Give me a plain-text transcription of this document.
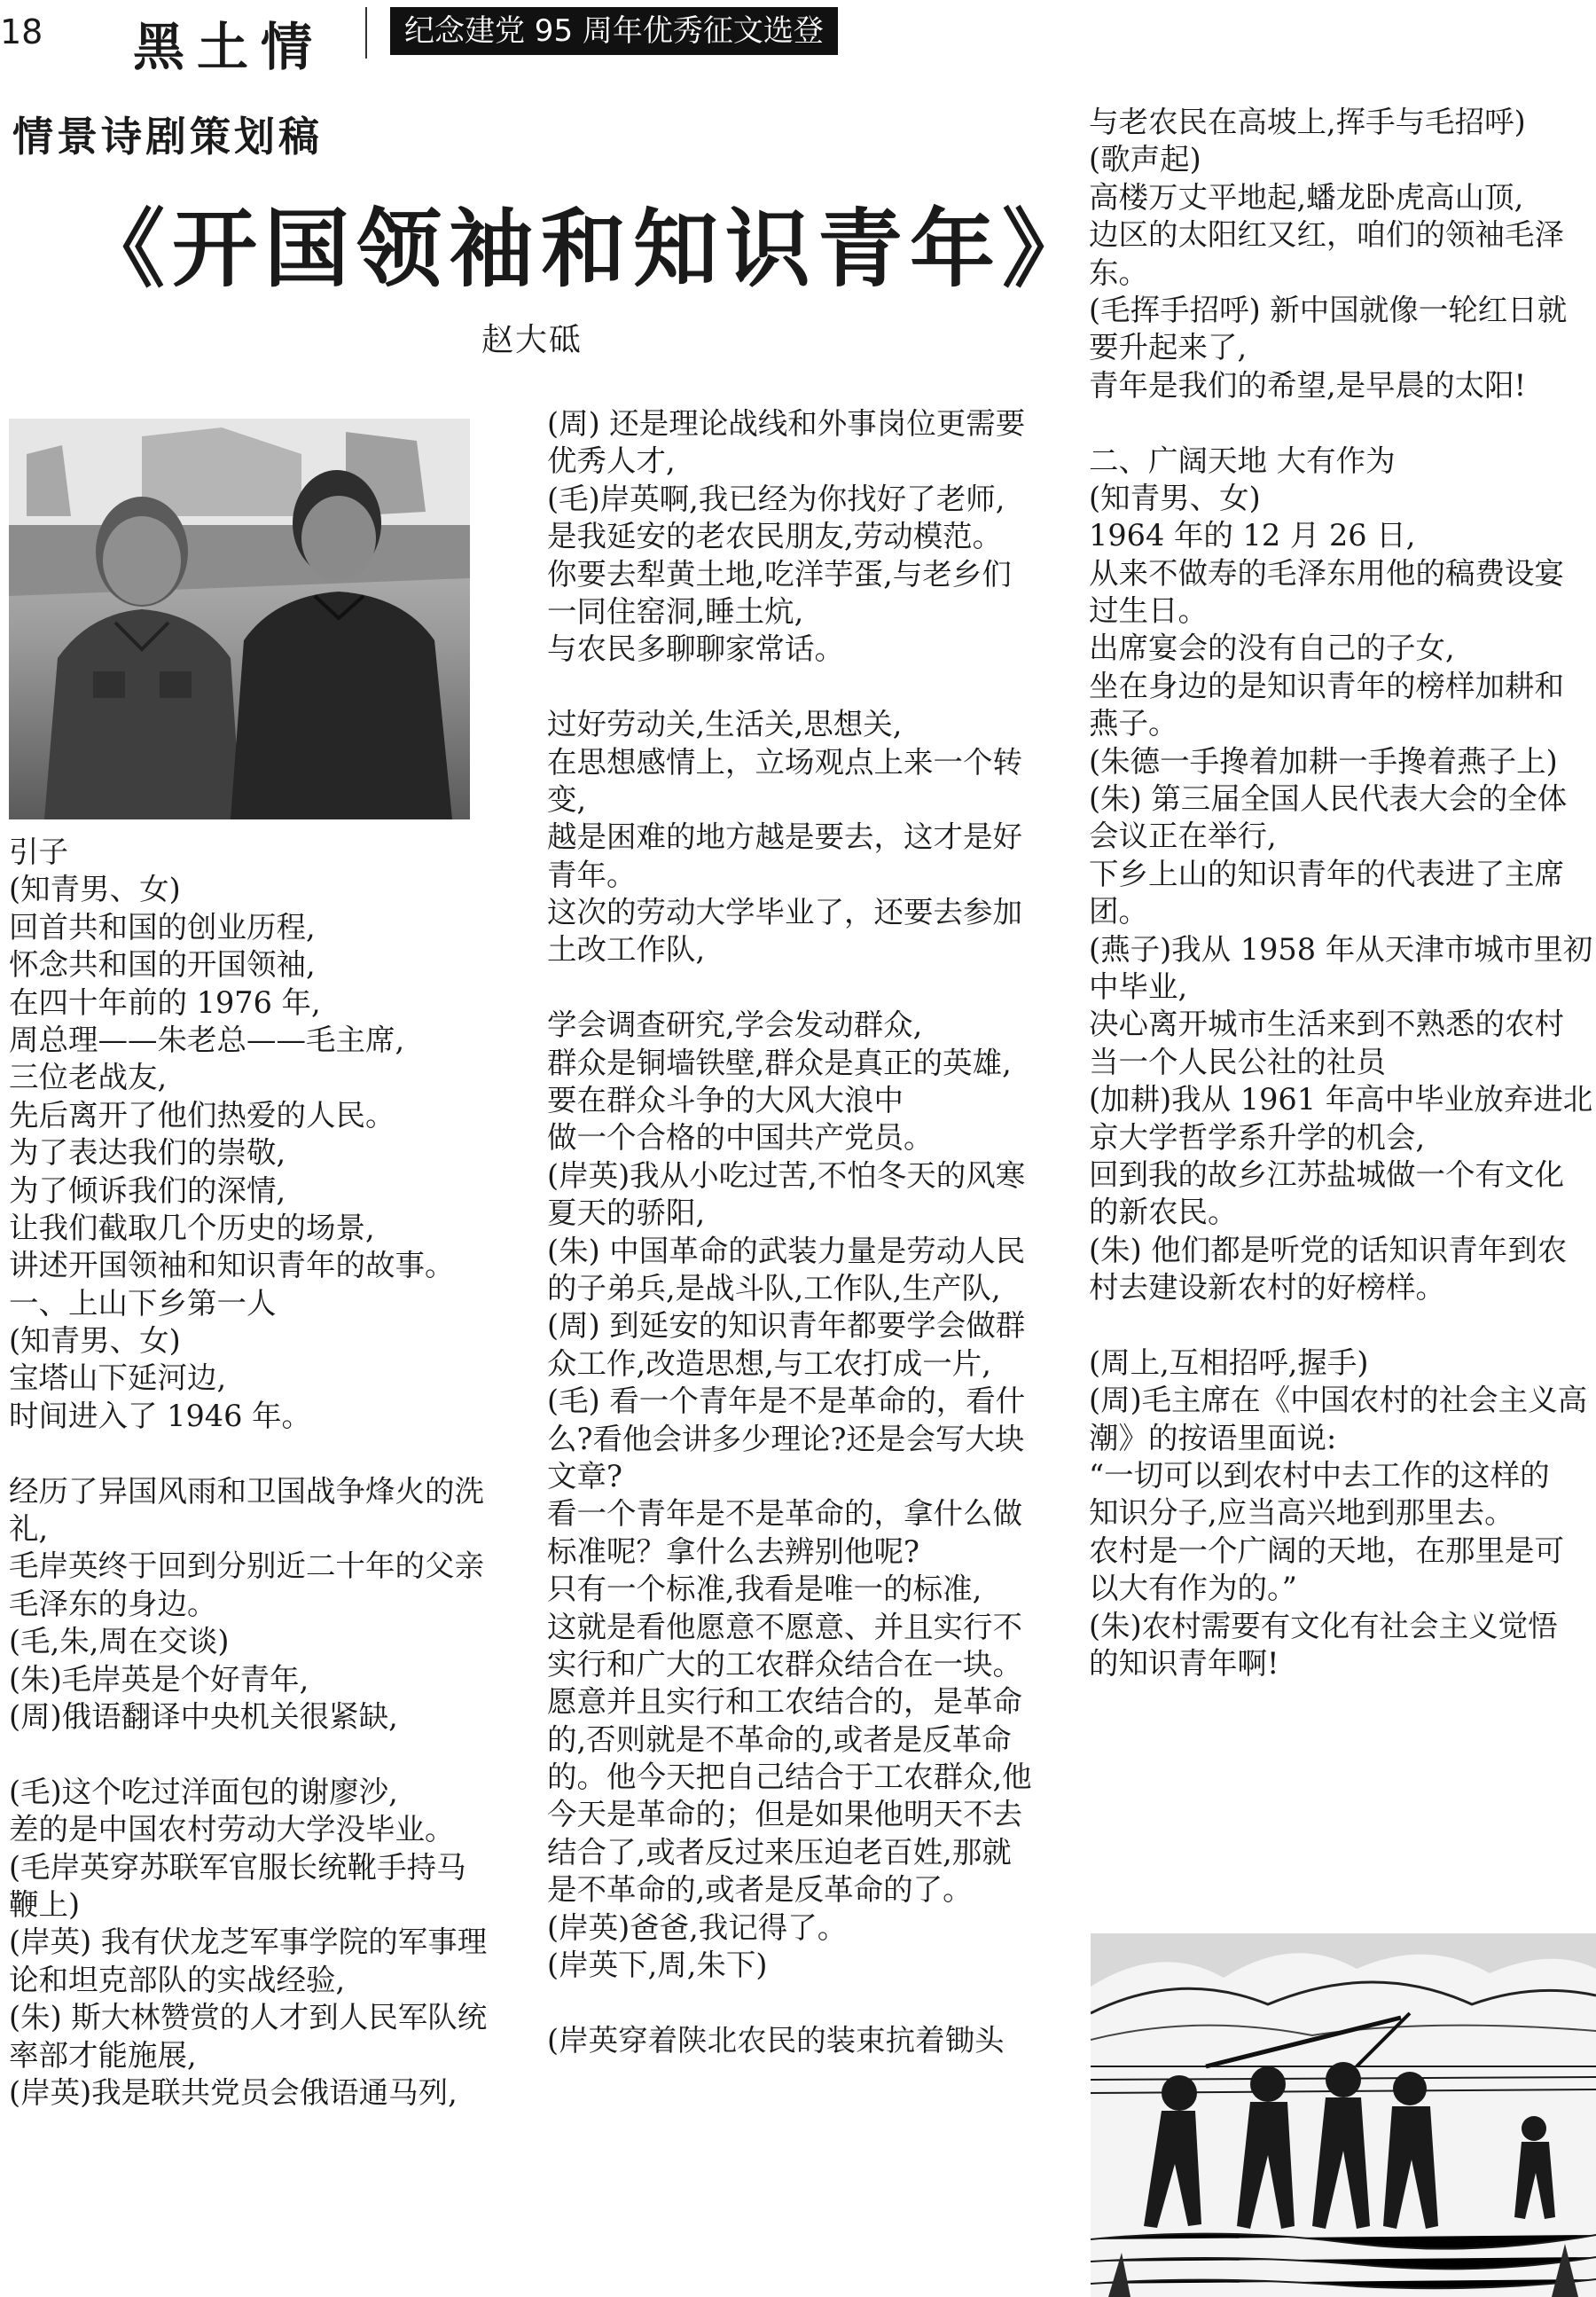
18 黑土情	纪念建党 95 周年优秀征文选登
情景诗剧策划稿
《开国领袖和知识青年》
赵大砥
引子
(知青男、女)
回首共和国的创业历程,
怀念共和国的开国领袖,
在四十年前的 1976 年,
周总理——朱老总——毛主席,
三位老战友,
先后离开了他们热爱的人民。
为了表达我们的崇敬,
为了倾诉我们的深情,
让我们截取几个历史的场景,
讲述开国领袖和知识青年的故事。
一、上山下乡第一人
(知青男、女)
宝塔山下延河边,
时间进入了 1946 年。
经历了异国风雨和卫国战争烽火的洗
礼,
毛岸英终于回到分别近二十年的父亲
毛泽东的身边。
(毛,朱,周在交谈)
(朱)毛岸英是个好青年,
(周)俄语翻译中央机关很紧缺,
(毛)这个吃过洋面包的谢廖沙,
差的是中国农村劳动大学没毕业。
(毛岸英穿苏联军官服长统靴手持马
鞭上)
(岸英) 我有伏龙芝军事学院的军事理
论和坦克部队的实战经验,
(朱) 斯大林赞赏的人才到人民军队统
率部才能施展,
(岸英)我是联共党员会俄语通马列,
(周) 还是理论战线和外事岗位更需要
优秀人才,
(毛)岸英啊,我已经为你找好了老师,
是我延安的老农民朋友,劳动模范。
你要去犁黄土地,吃洋芋蛋,与老乡们
一同住窑洞,睡土炕,
与农民多聊聊家常话。
过好劳动关,生活关,思想关,
在思想感情上，立场观点上来一个转
变,
越是困难的地方越是要去，这才是好
青年。
这次的劳动大学毕业了，还要去参加
土改工作队,
学会调查研究,学会发动群众,
群众是铜墙铁壁,群众是真正的英雄,
要在群众斗争的大风大浪中
做一个合格的中国共产党员。
(岸英)我从小吃过苦,不怕冬天的风寒
夏天的骄阳,
(朱) 中国革命的武装力量是劳动人民
的子弟兵,是战斗队,工作队,生产队,
(周) 到延安的知识青年都要学会做群
众工作,改造思想,与工农打成一片,
(毛) 看一个青年是不是革命的，看什
么?看他会讲多少理论?还是会写大块
文章?
看一个青年是不是革命的，拿什么做
标准呢？拿什么去辨别他呢?
只有一个标准,我看是唯一的标准,
这就是看他愿意不愿意、并且实行不
实行和广大的工农群众结合在一块。
愿意并且实行和工农结合的，是革命
的,否则就是不革命的,或者是反革命
的。他今天把自己结合于工农群众,他
今天是革命的；但是如果他明天不去
结合了,或者反过来压迫老百姓,那就
是不革命的,或者是反革命的了。
(岸英)爸爸,我记得了。
(岸英下,周,朱下)
(岸英穿着陕北农民的装束抗着锄头
与老农民在高坡上,挥手与毛招呼)
(歌声起)
高楼万丈平地起,蟠龙卧虎高山顶,
边区的太阳红又红，咱们的领袖毛泽
东。
(毛挥手招呼) 新中国就像一轮红日就
要升起来了,
青年是我们的希望,是早晨的太阳!
二、广阔天地 大有作为
(知青男、女)
1964 年的 12 月 26 日,
从来不做寿的毛泽东用他的稿费设宴
过生日。
出席宴会的没有自己的子女,
坐在身边的是知识青年的榜样加耕和
燕子。
(朱德一手搀着加耕一手搀着燕子上)
(朱) 第三届全国人民代表大会的全体
会议正在举行,
下乡上山的知识青年的代表进了主席
团。
(燕子)我从 1958 年从天津市城市里初
中毕业,
决心离开城市生活来到不熟悉的农村
当一个人民公社的社员
(加耕)我从 1961 年高中毕业放弃进北
京大学哲学系升学的机会,
回到我的故乡江苏盐城做一个有文化
的新农民。
(朱) 他们都是听党的话知识青年到农
村去建设新农村的好榜样。
(周上,互相招呼,握手)
(周)毛主席在《中国农村的社会主义高
潮》的按语里面说:
“一切可以到农村中去工作的这样的
知识分子,应当高兴地到那里去。
农村是一个广阔的天地，在那里是可
以大有作为的。”
(朱)农村需要有文化有社会主义觉悟
的知识青年啊!
